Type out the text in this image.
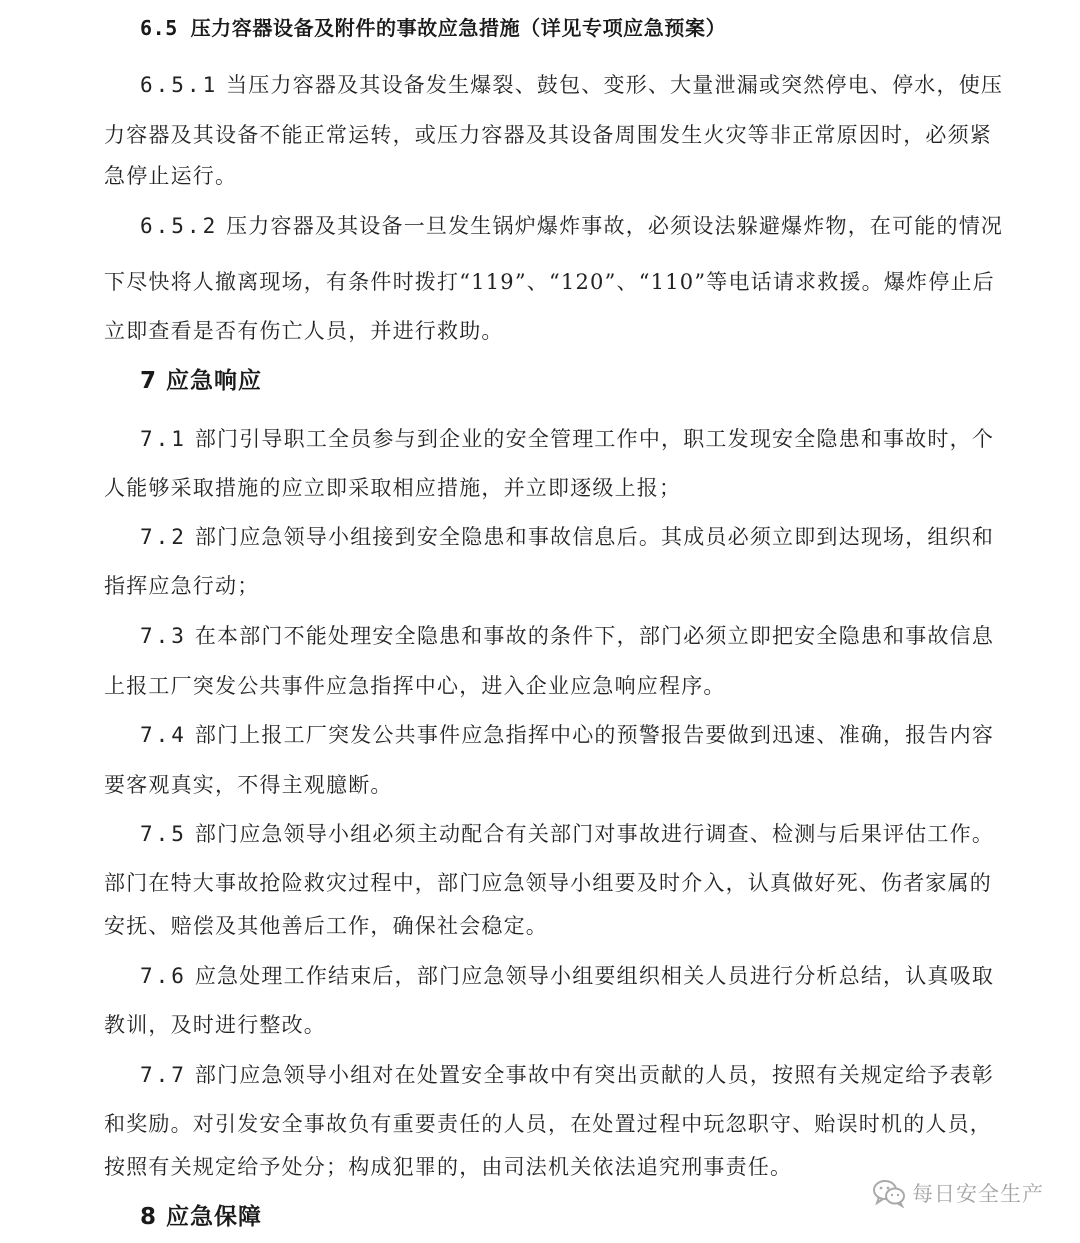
6.5 压力容器设备及附件的事故应急措施（详见专项应急预案）
6.5.1 当压力容器及其设备发生爆裂、鼓包、变形、大量泄漏或突然停电、停水，使压
力容器及其设备不能正常运转，或压力容器及其设备周围发生火灾等非正常原因时，必须紧
急停止运行。
6.5.2 压力容器及其设备一旦发生锅炉爆炸事故，必须设法躲避爆炸物，在可能的情况
下尽快将人撤离现场，有条件时拨打“119”、“120”、“110”等电话请求救援。爆炸停止后
立即查看是否有伤亡人员，并进行救助。
7 应急响应
7.1 部门引导职工全员参与到企业的安全管理工作中，职工发现安全隐患和事故时，个
人能够采取措施的应立即采取相应措施，并立即逐级上报；
7.2 部门应急领导小组接到安全隐患和事故信息后。其成员必须立即到达现场，组织和
指挥应急行动；
7.3 在本部门不能处理安全隐患和事故的条件下，部门必须立即把安全隐患和事故信息
上报工厂突发公共事件应急指挥中心，进入企业应急响应程序。
7.4 部门上报工厂突发公共事件应急指挥中心的预警报告要做到迅速、准确，报告内容
要客观真实，不得主观臆断。
7.5 部门应急领导小组必须主动配合有关部门对事故进行调查、检测与后果评估工作。
部门在特大事故抢险救灾过程中，部门应急领导小组要及时介入，认真做好死、伤者家属的
安抚、赔偿及其他善后工作，确保社会稳定。
7.6 应急处理工作结束后，部门应急领导小组要组织相关人员进行分析总结，认真吸取
教训，及时进行整改。
7.7 部门应急领导小组对在处置安全事故中有突出贡献的人员，按照有关规定给予表彰
和奖励。对引发安全事故负有重要责任的人员，在处置过程中玩忽职守、贻误时机的人员，
按照有关规定给予处分；构成犯罪的，由司法机关依法追究刑事责任。
8 应急保障
每日安全生产
